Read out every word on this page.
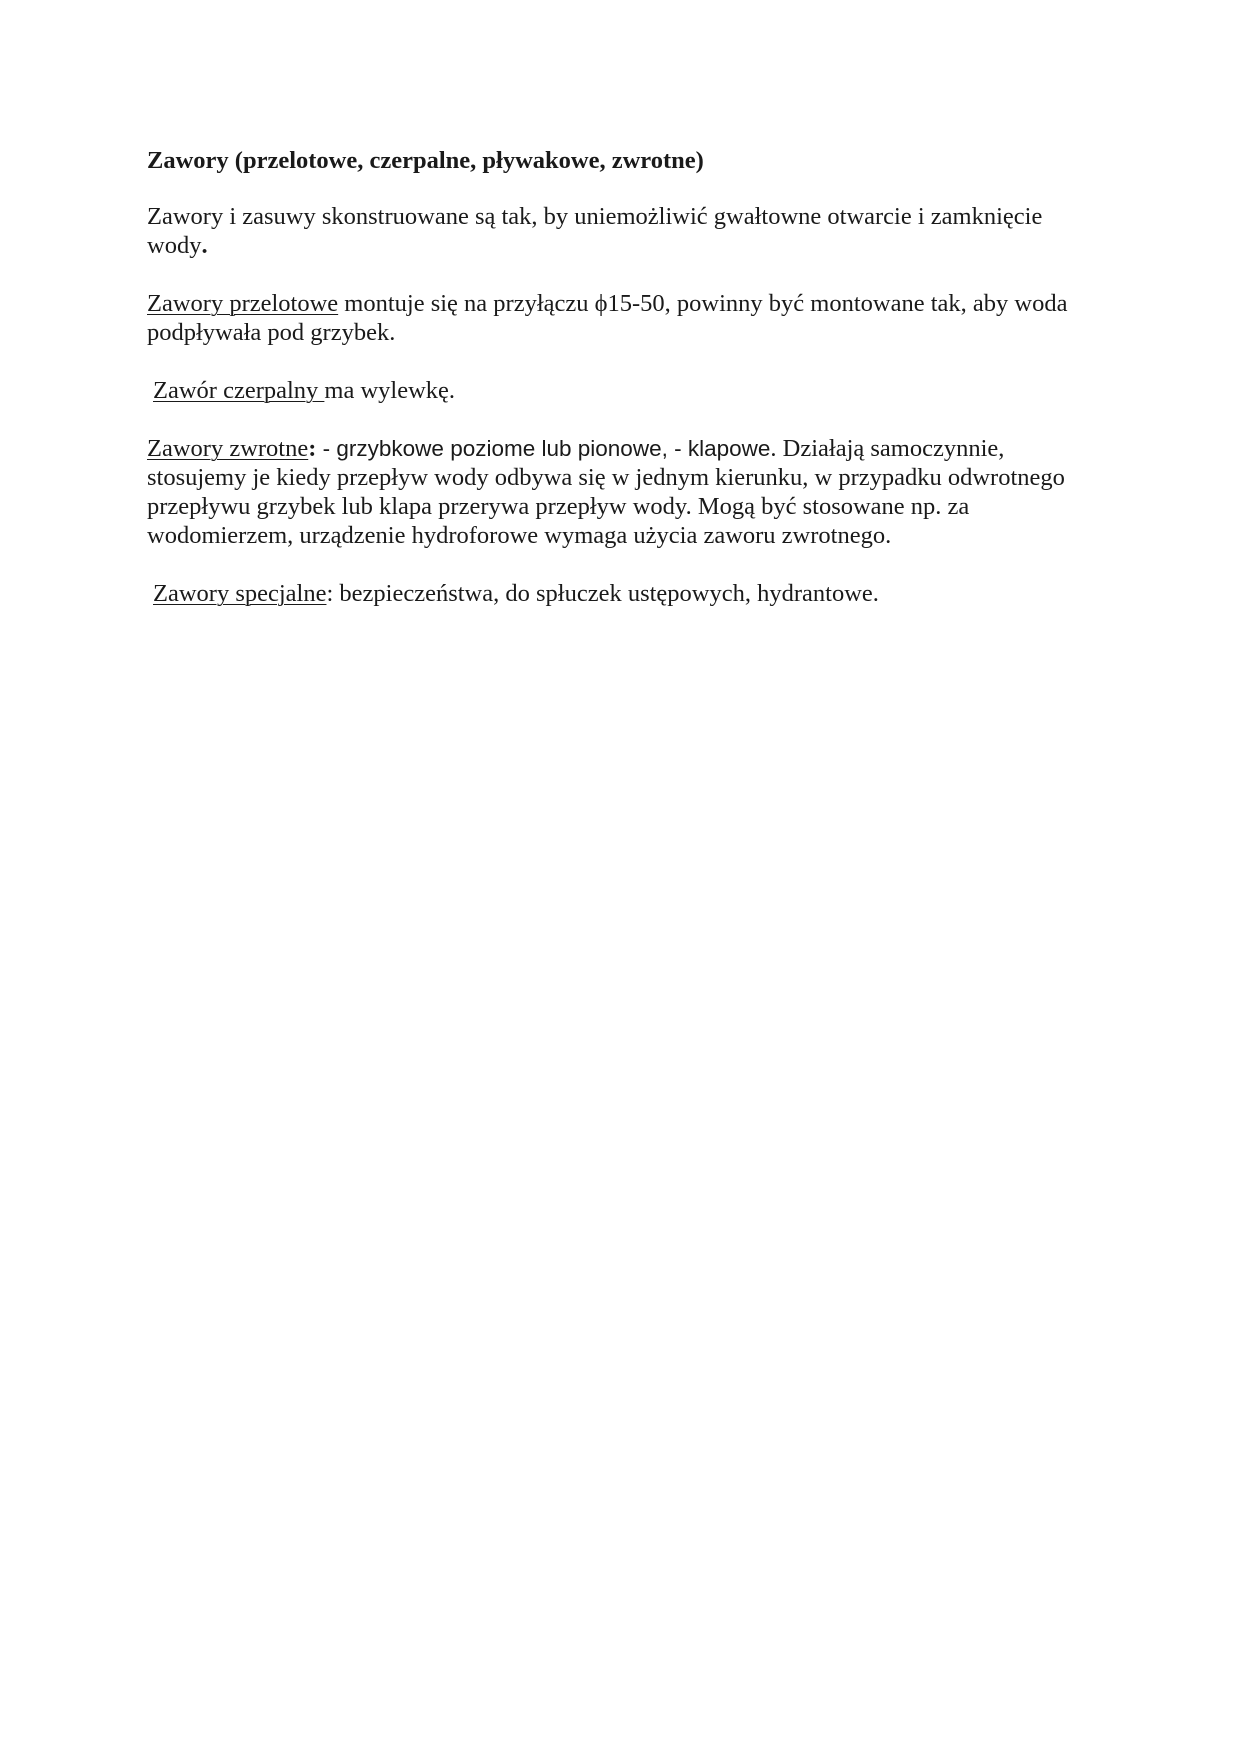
Zawory (przelotowe, czerpalne, pływakowe, zwrotne)

Zawory i zasuwy skonstruowane są tak, by uniemożliwić gwałtowne otwarcie i zamknięcie wody.

Zawory przelotowe montuje się na przyłączu ϕ15-50, powinny być montowane tak, aby woda podpływała pod grzybek.

Zawór czerpalny ma wylewkę.

Zawory zwrotne: - grzybkowe poziome lub pionowe, - klapowe. Działają samoczynnie, stosujemy je kiedy przepływ wody odbywa się w jednym kierunku, w przypadku odwrotnego przepływu grzybek lub klapa przerywa przepływ wody. Mogą być stosowane np. za wodomierzem, urządzenie hydroforowe wymaga użycia zaworu zwrotnego.

Zawory specjalne: bezpieczeństwa, do spłuczek ustępowych, hydrantowe.
